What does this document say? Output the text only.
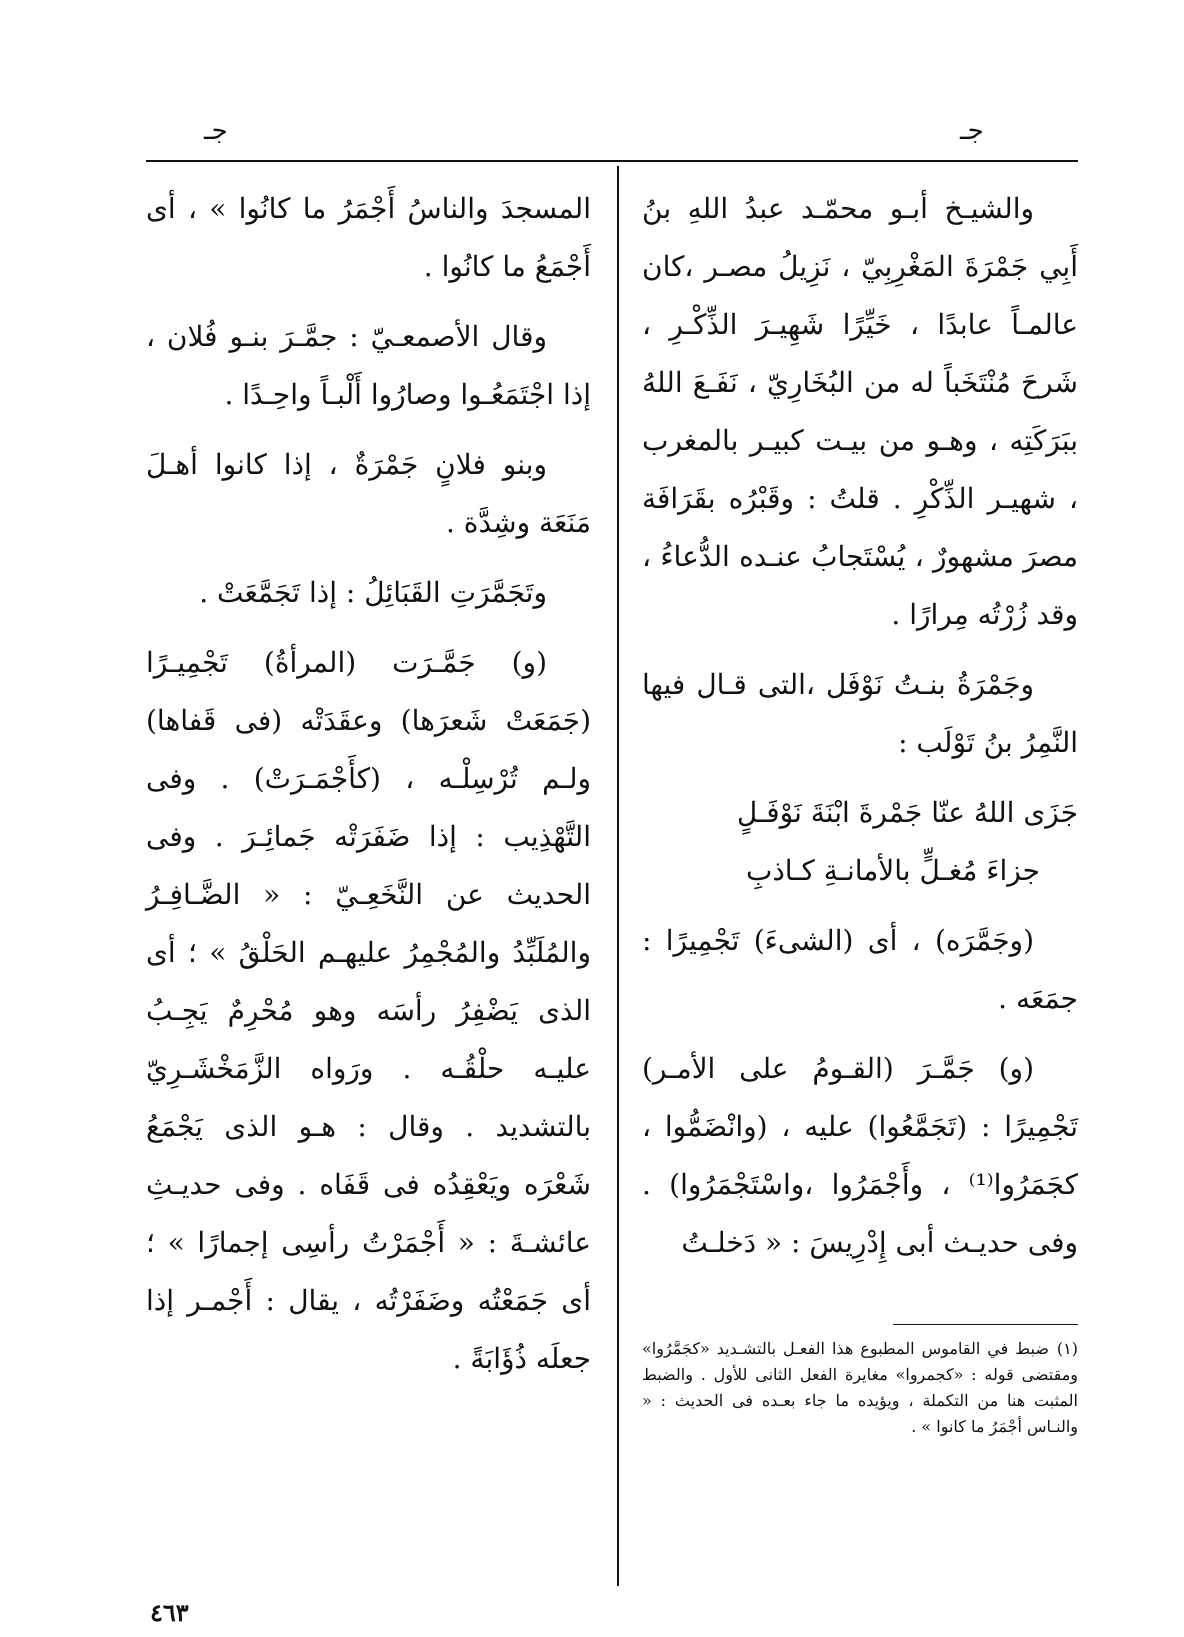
جـ
جـ

والشيـخ أبـو محمّـد عبدُ اللهِ بنُ أَبِي جَمْرَةَ المَغْرِبِيّ ، نَزِيلُ مصـر ،كان عالمـاً عابدًا ، خَيِّرًا شَهِيـرَ الذِّكْـرِ ، شَرحَ مُنْتَخَباً له من البُخَارِيّ ، نَفَـعَ اللهُ ببَرَكَتِه ، وهـو من بيـت كبيـر بالمغرب ، شهيـر الذِّكْرِ . قلتُ : وقَبْرُه بقَرَافَة مصرَ مشهورٌ ، يُسْتَجابُ عنـده الدُّعاءُ ، وقد زُرْتُه مِرارًا .

وجَمْرَةُ بنـتُ نَوْفَل ،التى قـال فيها النَّمِرُ بنُ تَوْلَب :

جَزَى اللهُ عنّا جَمْرةَ ابْنَةَ نَوْفَـلٍ
جزاءَ مُغـلٍّ بالأمانـةِ كـاذبِ

(وجَمَّرَه) ، أى (الشىءَ) تَجْمِيرًا : جمَعَه .

(و) جَمَّـرَ (القـومُ على الأمـر) تَجْمِيرًا : (تَجَمَّعُوا) عليه ، (وانْضَمُّوا ، كجَمَرُوا⁽¹⁾ ، وأَجْمَرُوا ،واسْتَجْمَرُوا) . وفى حديـث أبى إِدْرِيسَ : « دَخلـتُ

(١)ضبط في القاموس المطبوع هذا الفعـل بالتشـديد «كجَمَّرُوا» ومقتضى قوله : «كجمروا» مغايرة الفعل الثانى للأول . والضبط المثبت هنا من التكملة ، ويؤيده ما جاء بعـده فى الحديث : « والنـاس أجْمَرُ ما كانوا » .

المسجدَ والناسُ أَجْمَرُ ما كانُوا » ، أى أَجْمَعُ ما كانُوا .

وقال الأصمعـيّ : جمَّـرَ بنـو فُلان ، إذا اجْتَمَعُـوا وصارُوا أَلْبـاً واحِـدًا .

وبنو فلانٍ جَمْرَةٌ ، إذا كانوا أهـلَ مَنَعَة وشِدَّة .

وتَجَمَّرَتِ القَبَائِلُ : إذا تَجَمَّعَتْ .

(و) جَمَّـرَت (المرأةُ) تَجْمِيـرًا (جَمَعَتْ شَعرَها) وعقَدَتْه (فى قَفاها) ولـم تُرْسِلْـه ، (كأَجْمَـرَتْ) . وفى التَّهْذِيب : إذا ضَفَرَتْه جَمائِـرَ . وفى الحديث عن النَّخَعِـيّ : « الضَّـافِـرُ والمُلَبِّدُ والمُجْمِرُ عليهـم الحَلْقُ » ؛ أى الذى يَضْفِرُ رأسَه وهو مُحْرِمٌ يَجِـبُ عليـه حلْقُـه . ورَواه الزَّمَخْشَـرِيّ بالتشديد . وقال : هـو الذى يَجْمَعُ شَعْرَه ويَعْقِدُه فى قَفَاه . وفى حديـثِ عائشـةَ : « أَجْمَرْتُ رأسِى إجمارًا » ؛ أى جَمَعْتُه وضَفَرْتُه ، يقال : أَجْمـر إذا جعلَه ذُؤَابَةً .

٤٦٣
